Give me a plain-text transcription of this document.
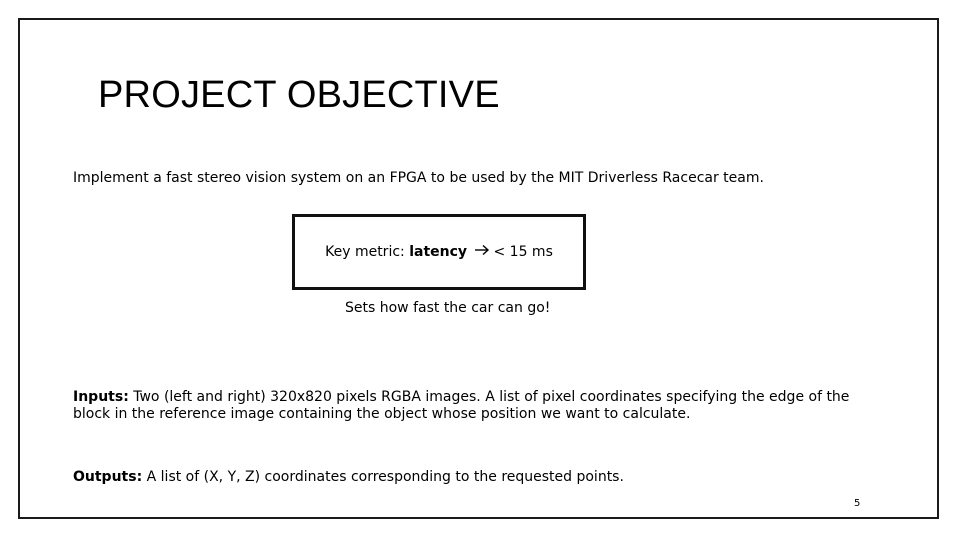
PROJECT OBJECTIVE
Implement a fast stereo vision system on an FPGA to be used by the MIT Driverless Racecar team.
Key metric: latency < 15 ms
Sets how fast the car can go!
Inputs: Two (left and right) 320x820 pixels RGBA images. A list of pixel coordinates specifying the edge of the
block in the reference image containing the object whose position we want to calculate.
Outputs: A list of (X, Y, Z) coordinates corresponding to the requested points.
5
